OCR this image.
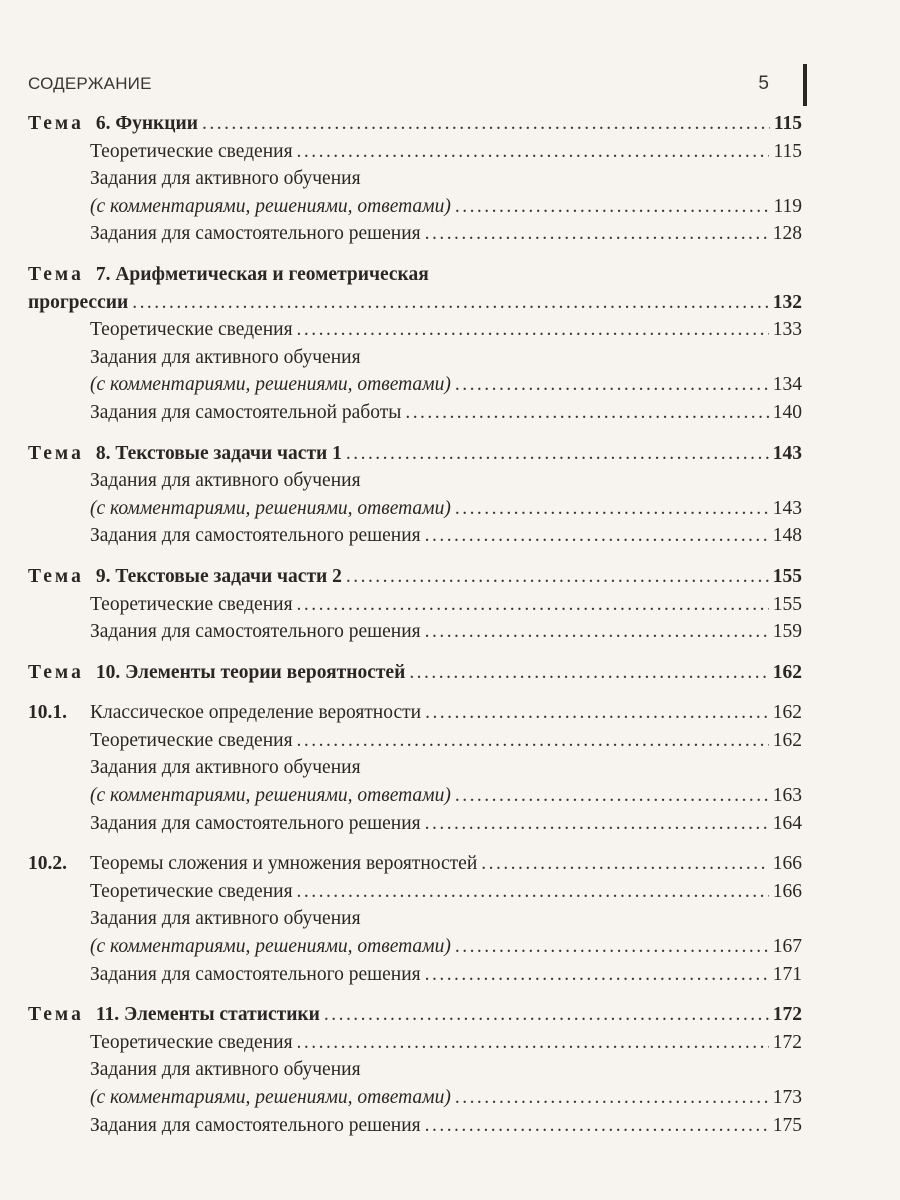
СОДЕРЖАНИЕ	5
Тема 6. Функции . . .	115
Теоретические сведения . . .	115
Задания для активного обучения
(с комментариями, решениями, ответами) . . .	119
Задания для самостоятельного решения . . .	128
Тема 7. Арифметическая и геометрическая
прогрессии . . .	132
Теоретические сведения . . .	133
Задания для активного обучения
(с комментариями, решениями, ответами) . . .	134
Задания для самостоятельной работы . . .	140
Тема 8. Текстовые задачи части 1 . . .	143
Задания для активного обучения
(с комментариями, решениями, ответами) . . .	143
Задания для самостоятельного решения . . .	148
Тема 9. Текстовые задачи части 2 . . .	155
Теоретические сведения . . .	155
Задания для самостоятельного решения . . .	159
Тема 10. Элементы теории вероятностей . . .	162
10.1. Классическое определение вероятности . . .	162
Теоретические сведения . . .	162
Задания для активного обучения
(с комментариями, решениями, ответами) . . .	163
Задания для самостоятельного решения . . .	164
10.2. Теоремы сложения и умножения вероятностей . . .	166
Теоретические сведения . . .	166
Задания для активного обучения
(с комментариями, решениями, ответами) . . .	167
Задания для самостоятельного решения . . .	171
Тема 11. Элементы статистики . . .	172
Теоретические сведения . . .	172
Задания для активного обучения
(с комментариями, решениями, ответами) . . .	173
Задания для самостоятельного решения . . .	175
